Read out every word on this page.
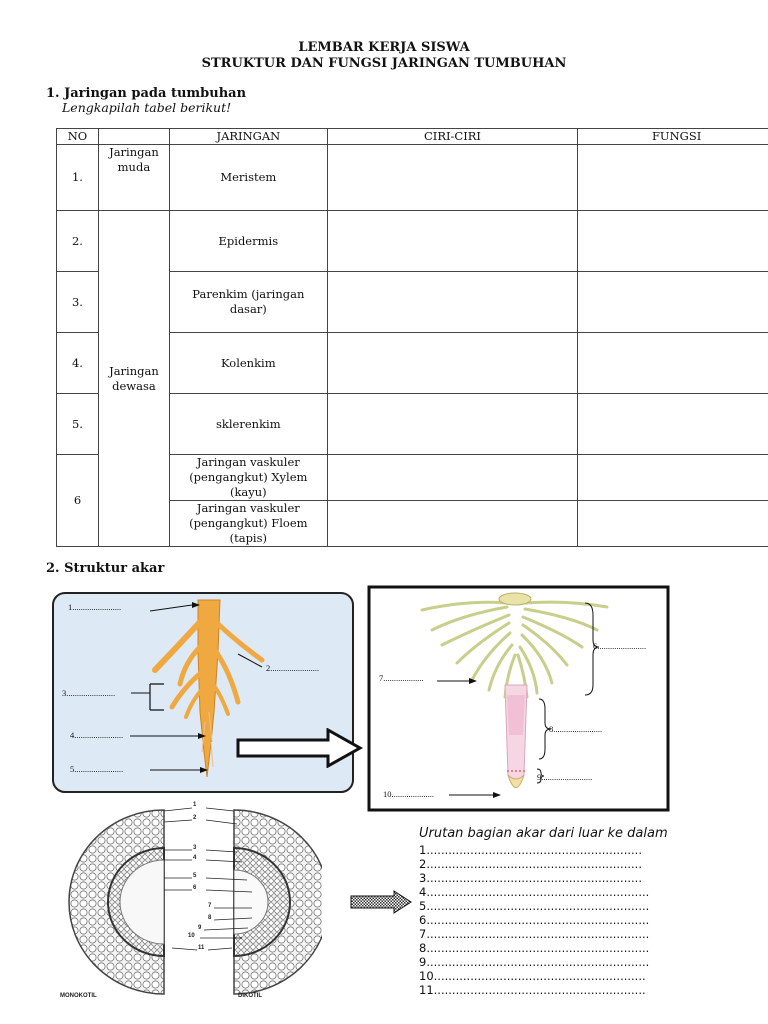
LEMBAR KERJA SISWA
STRUKTUR DAN FUNGSI JARINGAN TUMBUHAN
1. Jaringan pada tumbuhan
Lengkapilah tabel berikut!
NO		JARINGAN	CIRI-CIRI	FUNGSI
1.	Jaringan muda	Meristem		
2.	Jaringan dewasa	Epidermis		
3.		Parenkim (jaringan dasar)		
4.		Kolenkim		
5.		sklerenkim		
6		Jaringan vaskuler (pengangkut) Xylem (kayu)		
		Jaringan vaskuler (pengangkut) Floem (tapis)		
2. Struktur akar
1.......................
2.......................
3.......................
4.......................
5.......................
6.......................
7...................
8.......................
9........................
10....................
1
2
3
4
5
6
7
8
9
10
11
MONOKOTIL	DIKOTIL
Urutan bagian akar dari luar ke dalam
1...........................................................
2...........................................................
3...........................................................
4.............................................................
5.............................................................
6.............................................................
7.............................................................
8.............................................................
9.............................................................
10..........................................................
11..........................................................
